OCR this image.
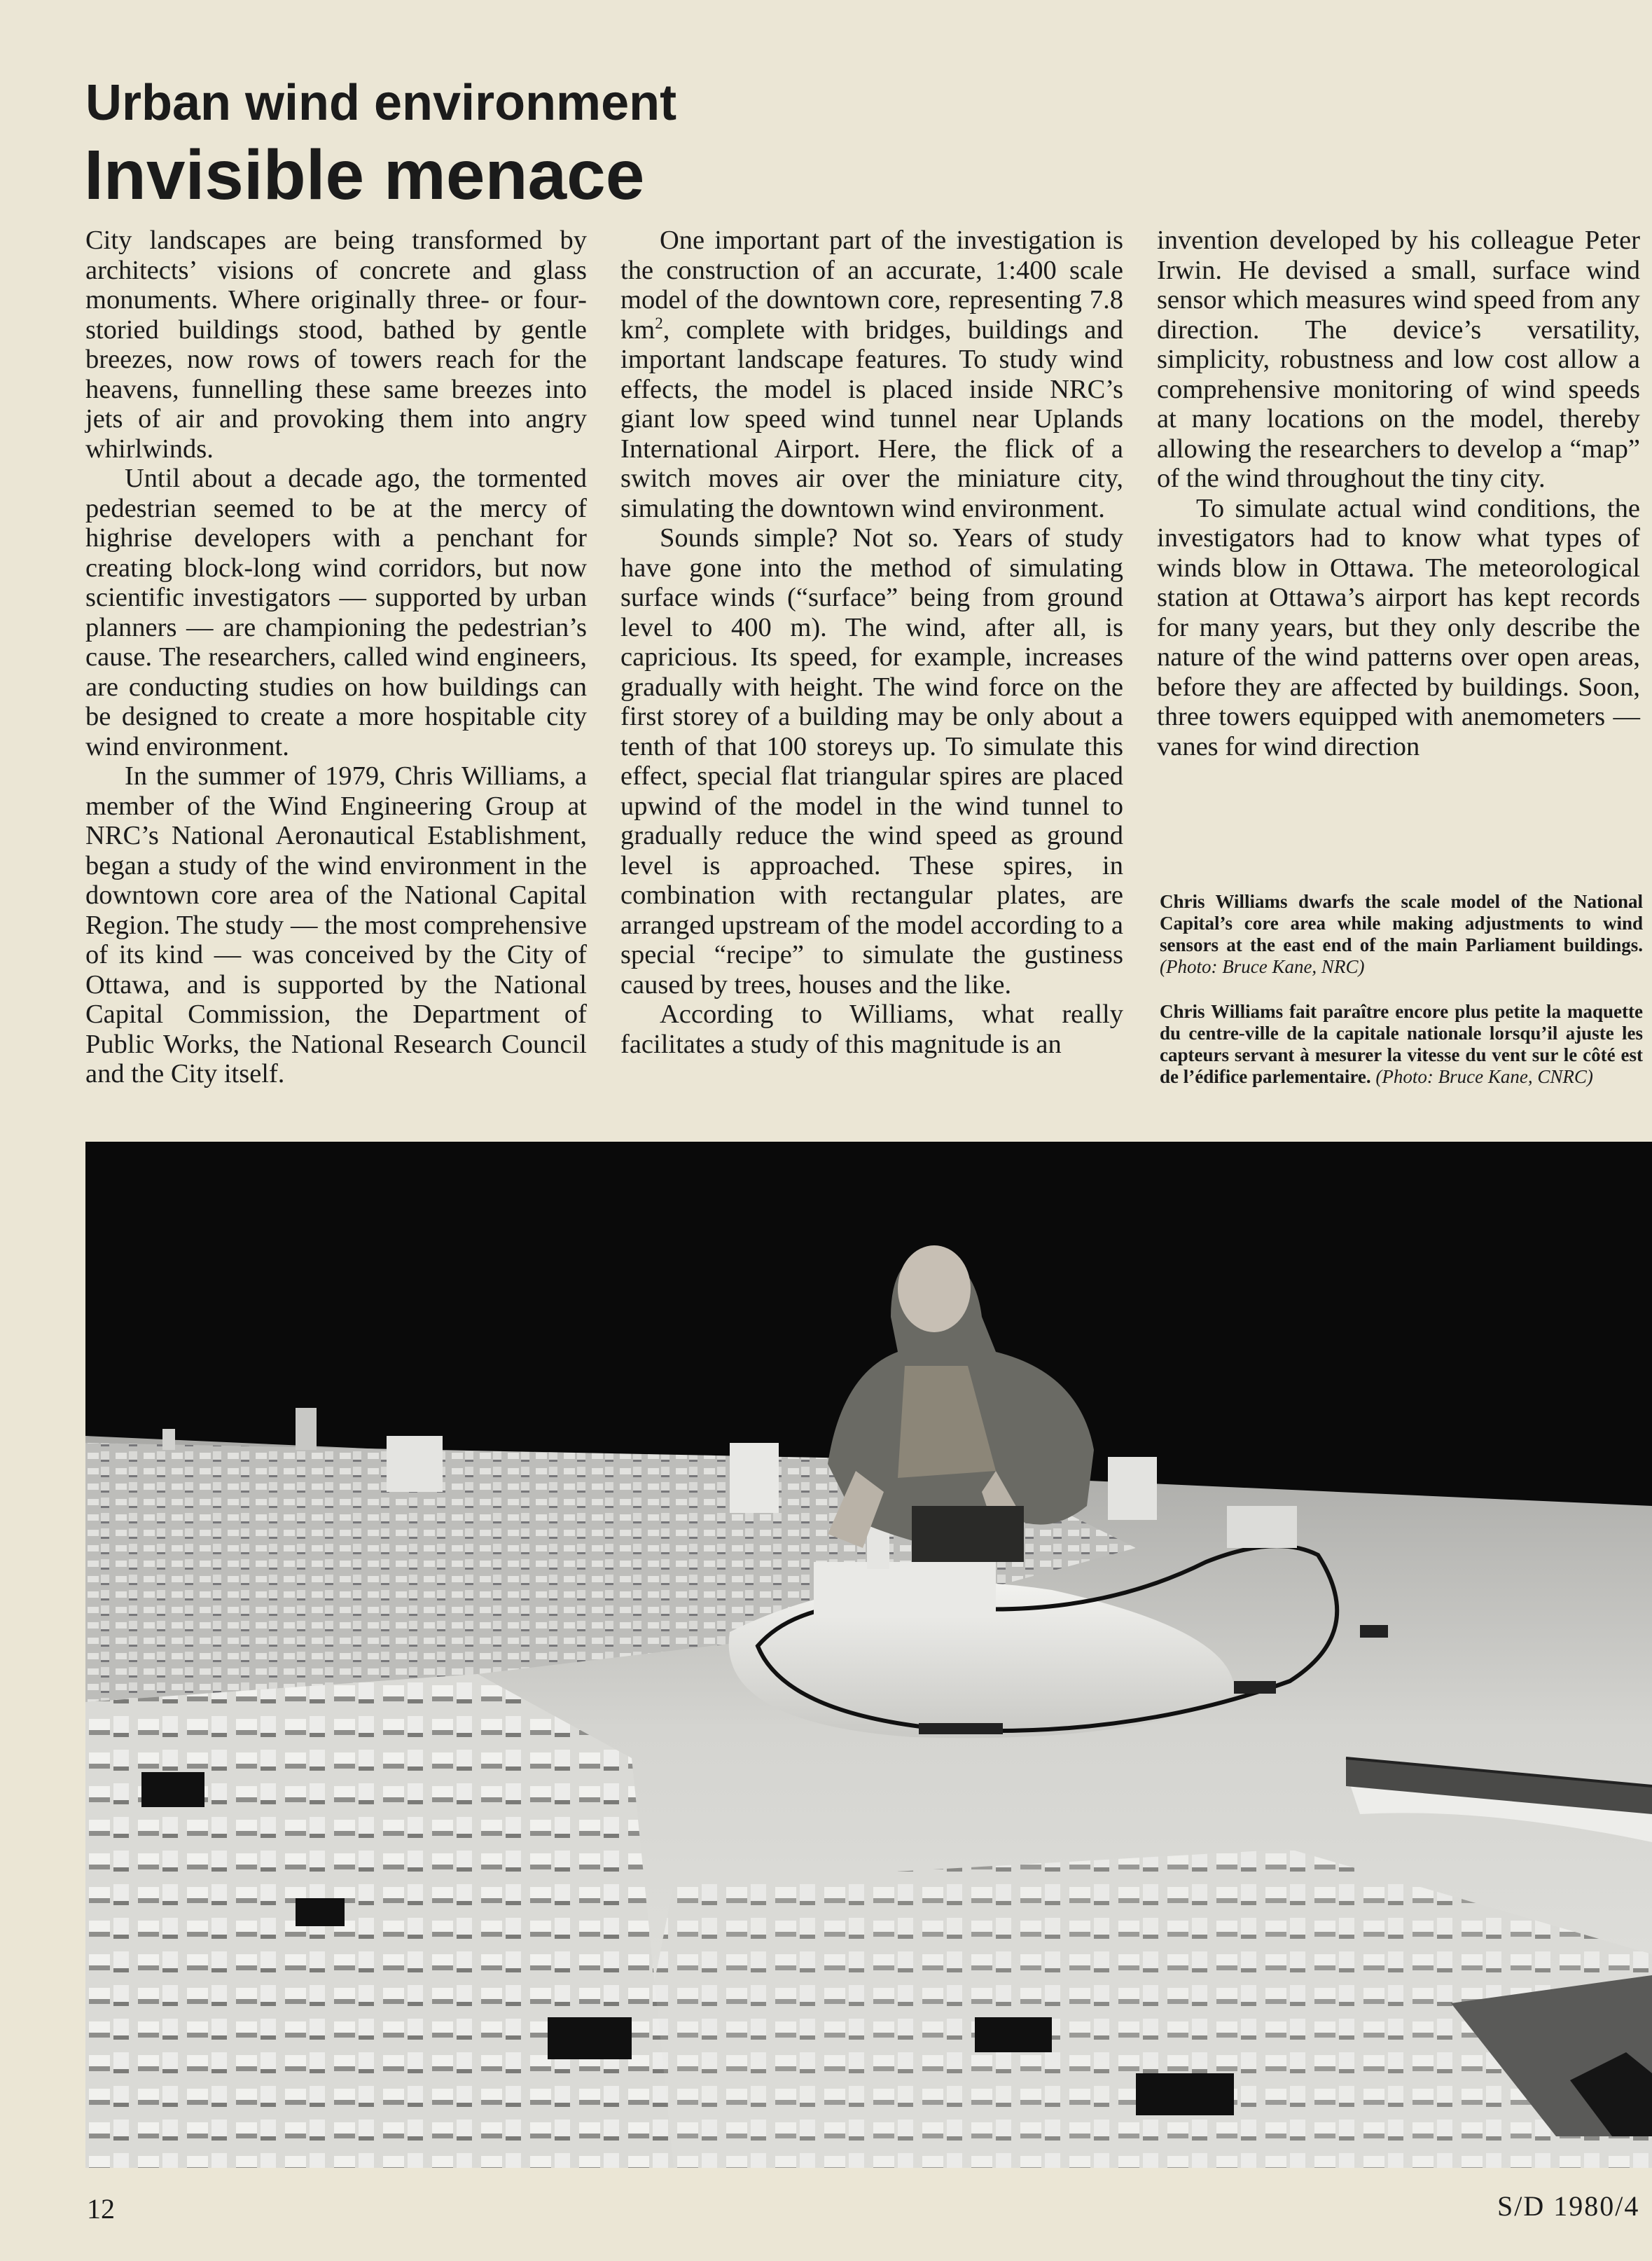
Urban wind environment
Invisible menace

City landscapes are being transformed by architects’ visions of concrete and glass monuments. Where originally three- or four-storied buildings stood, bathed by gentle breezes, now rows of towers reach for the heavens, funnelling these same breezes into jets of air and provoking them into angry whirlwinds.

Until about a decade ago, the tormented pedestrian seemed to be at the mercy of highrise developers with a penchant for creating block-long wind corridors, but now scientific investigators — supported by urban planners — are championing the pedestrian’s cause. The researchers, called wind engineers, are conducting studies on how buildings can be designed to create a more hospitable city wind environment.

In the summer of 1979, Chris Williams, a member of the Wind Engineering Group at NRC’s National Aeronautical Establishment, began a study of the wind environment in the downtown core area of the National Capital Region. The study — the most comprehensive of its kind — was conceived by the City of Ottawa, and is supported by the National Capital Commission, the Department of Public Works, the National Research Council and the City itself.

One important part of the investigation is the construction of an accurate, 1:400 scale model of the downtown core, representing 7.8 $km^2$, complete with bridges, buildings and important landscape features. To study wind effects, the model is placed inside NRC’s giant low speed wind tunnel near Uplands International Airport. Here, the flick of a switch moves air over the miniature city, simulating the downtown wind environment.

Sounds simple? Not so. Years of study have gone into the method of simulating surface winds (“surface” being from ground level to 400 m). The wind, after all, is capricious. Its speed, for example, increases gradually with height. The wind force on the first storey of a building may be only about a tenth of that 100 storeys up. To simulate this effect, special flat triangular spires are placed upwind of the model in the wind tunnel to gradually reduce the wind speed as ground level is approached. These spires, in combination with rectangular plates, are arranged upstream of the model according to a special “recipe” to simulate the gustiness caused by trees, houses and the like.

According to Williams, what really facilitates a study of this magnitude is an

invention developed by his colleague Peter Irwin. He devised a small, surface wind sensor which measures wind speed from any direction. The device’s versatility, simplicity, robustness and low cost allow a comprehensive monitoring of wind speeds at many locations on the model, thereby allowing the researchers to develop a “map” of the wind throughout the tiny city.

To simulate actual wind conditions, the investigators had to know what types of winds blow in Ottawa. The meteorological station at Ottawa’s airport has kept records for many years, but they only describe the nature of the wind patterns over open areas, before they are affected by buildings. Soon, three towers equipped with anemometers — vanes for wind direction

Chris Williams dwarfs the scale model of the National Capital’s core area while making adjustments to wind sensors at the east end of the main Parliament buildings. (Photo: Bruce Kane, NRC)

Chris Williams fait paraître encore plus petite la maquette du centre-ville de la capitale nationale lorsqu’il ajuste les capteurs servant à mesurer la vitesse du vent sur le côté est de l’édifice parlementaire. (Photo: Bruce Kane, CNRC)

12	S/D 1980/4
